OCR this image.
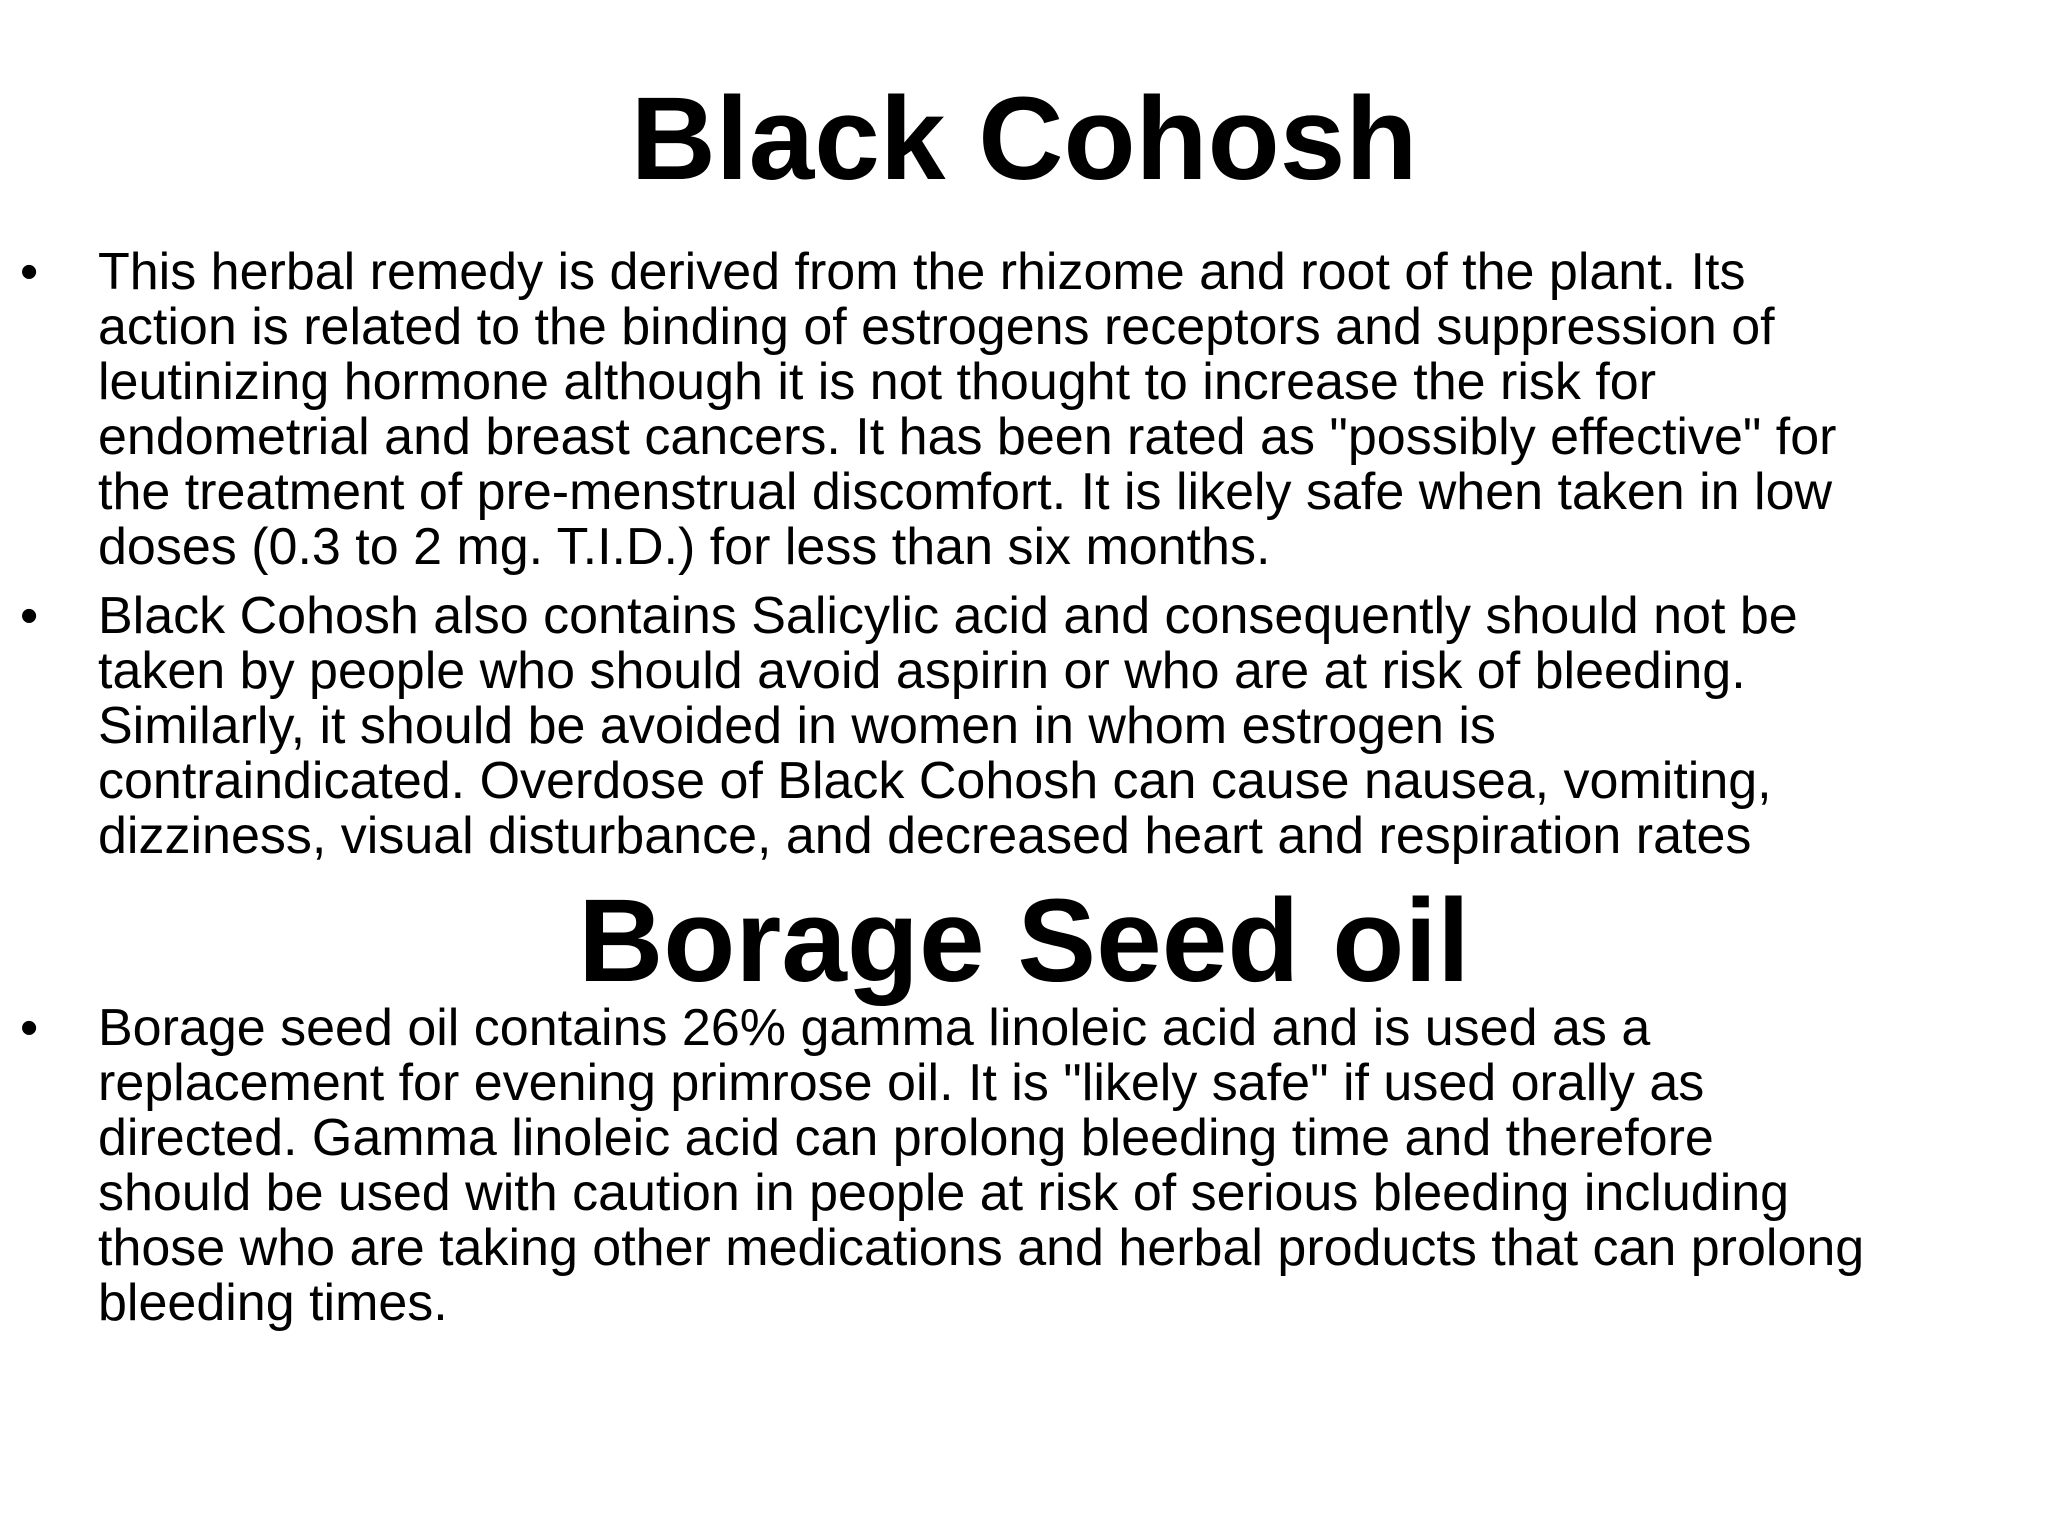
Black Cohosh
• This herbal remedy is derived from the rhizome and root of the plant. Its
action is related to the binding of estrogens receptors and suppression of
leutinizing hormone although it is not thought to increase the risk for
endometrial and breast cancers. It has been rated as "possibly effective" for
the treatment of pre-menstrual discomfort. It is likely safe when taken in low
doses (0.3 to 2 mg. T.I.D.) for less than six months.

• Black Cohosh also contains Salicylic acid and consequently should not be
taken by people who should avoid aspirin or who are at risk of bleeding.
Similarly, it should be avoided in women in whom estrogen is
contraindicated. Overdose of Black Cohosh can cause nausea, vomiting,
dizziness, visual disturbance, and decreased heart and respiration rates

Borage Seed oil
• Borage seed oil contains 26% gamma linoleic acid and is used as a
replacement for evening primrose oil. It is "likely safe" if used orally as
directed. Gamma linoleic acid can prolong bleeding time and therefore
should be used with caution in people at risk of serious bleeding including
those who are taking other medications and herbal products that can prolong
bleeding times.
